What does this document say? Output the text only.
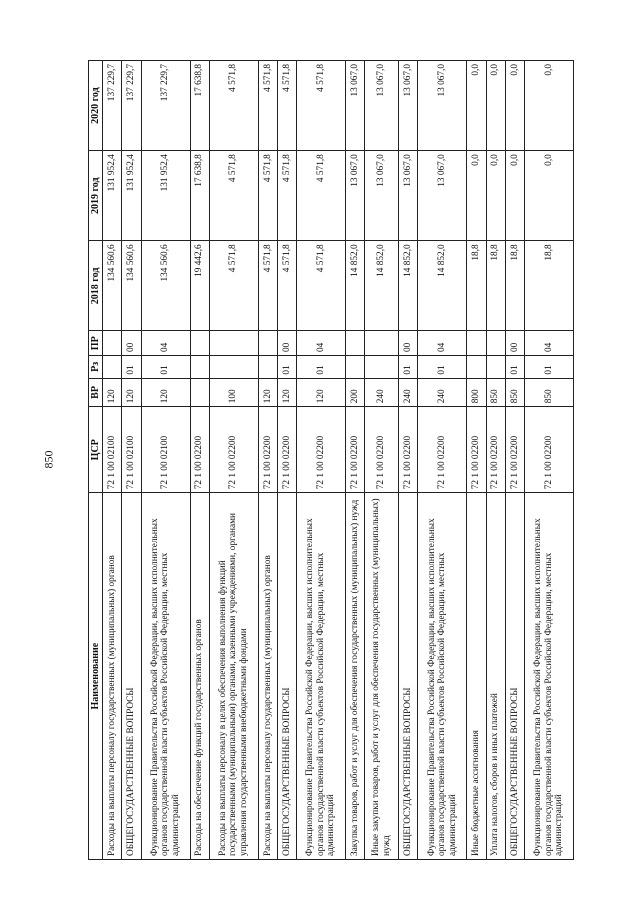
850
Наименование	ЦСР	ВР	Рз	ПР	2018 год	2019 год	2020 год
Расходы на выплаты персоналу государственных (муниципальных) органов	72 1 00 02100	120			134 560,6	131 952,4	137 229,7
ОБЩЕГОСУДАРСТВЕННЫЕ ВОПРОСЫ	72 1 00 02100	120	01	00	134 560,6	131 952,4	137 229,7
Функционирование Правительства Российской Федерации, высших исполнительных органов государственной власти субъектов Российской Федерации, местных администраций	72 1 00 02100	120	01	04	134 560,6	131 952,4	137 229,7
Расходы на обеспечение функций государственных органов	72 1 00 02200				19 442,6	17 638,8	17 638,8
Расходы на выплаты персоналу в целях обеспечения выполнения функций государственными (муниципальными) органами, казенными учреждениями, органами управления государственными внебюджетными фондами	72 1 00 02200	100			4 571,8	4 571,8	4 571,8
Расходы на выплаты персоналу государственных (муниципальных) органов	72 1 00 02200	120			4 571,8	4 571,8	4 571,8
ОБЩЕГОСУДАРСТВЕННЫЕ ВОПРОСЫ	72 1 00 02200	120	01	00	4 571,8	4 571,8	4 571,8
Функционирование Правительства Российской Федерации, высших исполнительных органов государственной власти субъектов Российской Федерации, местных администраций	72 1 00 02200	120	01	04	4 571,8	4 571,8	4 571,8
Закупка товаров, работ и услуг для обеспечения государственных (муниципальных) нужд	72 1 00 02200	200			14 852,0	13 067,0	13 067,0
Иные закупки товаров, работ и услуг для обеспечения государственных (муниципальных) нужд	72 1 00 02200	240			14 852,0	13 067,0	13 067,0
ОБЩЕГОСУДАРСТВЕННЫЕ ВОПРОСЫ	72 1 00 02200	240	01	00	14 852,0	13 067,0	13 067,0
Функционирование Правительства Российской Федерации, высших исполнительных органов государственной власти субъектов Российской Федерации, местных администраций	72 1 00 02200	240	01	04	14 852,0	13 067,0	13 067,0
Иные бюджетные ассигнования	72 1 00 02200	800			18,8	0,0	0,0
Уплата налогов, сборов и иных платежей	72 1 00 02200	850			18,8	0,0	0,0
ОБЩЕГОСУДАРСТВЕННЫЕ ВОПРОСЫ	72 1 00 02200	850	01	00	18,8	0,0	0,0
Функционирование Правительства Российской Федерации, высших исполнительных органов государственной власти субъектов Российской Федерации, местных администраций	72 1 00 02200	850	01	04	18,8	0,0	0,0
